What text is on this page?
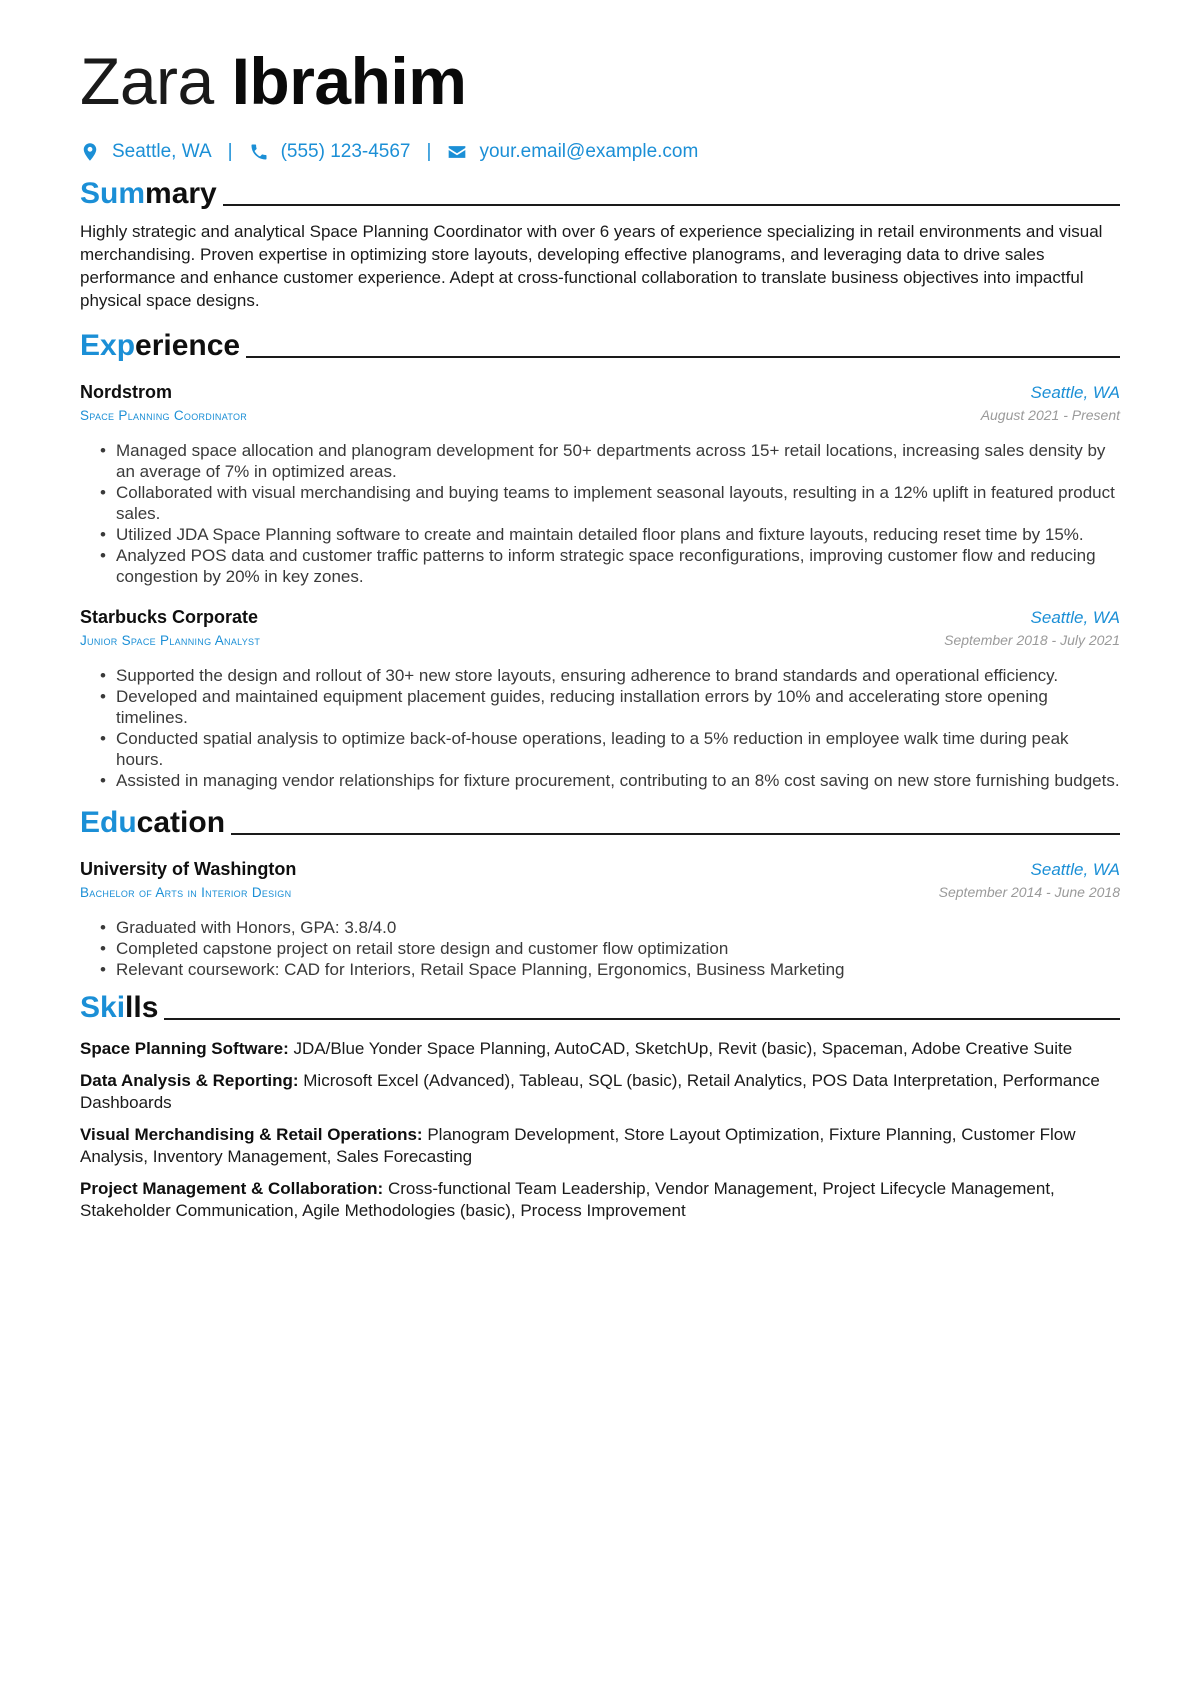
Zara Ibrahim
Seattle, WA |	(555) 123-4567 |	your.email@example.com
Summary

Highly strategic and analytical Space Planning Coordinator with over 6 years of experience specializing in retail environments and visual merchandising. Proven expertise in optimizing store layouts, developing effective planograms, and leveraging data to drive sales performance and enhance customer experience. Adept at cross-functional collaboration to translate business objectives into impactful physical space designs.

Experience
Nordstrom	Seattle, WA
Space Planning Coordinator	August 2021 - Present
• Managed space allocation and planogram development for 50+ departments across 15+ retail locations, increasing sales density by an average of 7% in optimized areas.
• Collaborated with visual merchandising and buying teams to implement seasonal layouts, resulting in a 12% uplift in featured product sales.
• Utilized JDA Space Planning software to create and maintain detailed floor plans and fixture layouts, reducing reset time by 15%.
• Analyzed POS data and customer traffic patterns to inform strategic space reconfigurations, improving customer flow and reducing congestion by 20% in key zones.
Starbucks Corporate	Seattle, WA
Junior Space Planning Analyst	September 2018 - July 2021
• Supported the design and rollout of 30+ new store layouts, ensuring adherence to brand standards and operational efficiency.
• Developed and maintained equipment placement guides, reducing installation errors by 10% and accelerating store opening timelines.
• Conducted spatial analysis to optimize back-of-house operations, leading to a 5% reduction in employee walk time during peak hours.
• Assisted in managing vendor relationships for fixture procurement, contributing to an 8% cost saving on new store furnishing budgets.
Education
University of Washington	Seattle, WA
Bachelor of Arts in Interior Design	September 2014 - June 2018
• Graduated with Honors, GPA: 3.8/4.0
• Completed capstone project on retail store design and customer flow optimization
• Relevant coursework: CAD for Interiors, Retail Space Planning, Ergonomics, Business Marketing
Skills
Space Planning Software: JDA/Blue Yonder Space Planning, AutoCAD, SketchUp, Revit (basic), Spaceman, Adobe Creative Suite
Data Analysis & Reporting: Microsoft Excel (Advanced), Tableau, SQL (basic), Retail Analytics, POS Data Interpretation, Performance Dashboards
Visual Merchandising & Retail Operations: Planogram Development, Store Layout Optimization, Fixture Planning, Customer Flow Analysis, Inventory Management, Sales Forecasting
Project Management & Collaboration: Cross-functional Team Leadership, Vendor Management, Project Lifecycle Management, Stakeholder Communication, Agile Methodologies (basic), Process Improvement
